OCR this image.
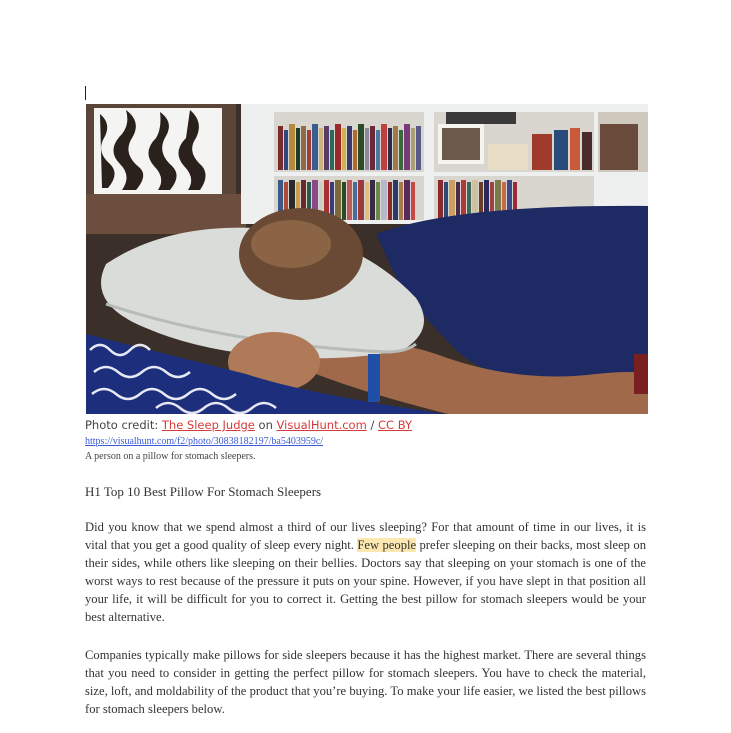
Photo credit: The Sleep Judge on VisualHunt.com / CC BY
https://visualhunt.com/f2/photo/30838182197/ba5403959c/
A person on a pillow for stomach sleepers.
H1 Top 10 Best Pillow For Stomach Sleepers
Did you know that we spend almost a third of our lives sleeping? For that amount of time in our lives, it is vital that you get a good quality of sleep every night. Few people prefer sleeping on their backs, most sleep on their sides, while others like sleeping on their bellies. Doctors say that sleeping on your stomach is one of the worst ways to rest because of the pressure it puts on your spine. However, if you have slept in that position all your life, it will be difficult for you to correct it. Getting the best pillow for stomach sleepers would be your best alternative.
Companies typically make pillows for side sleepers because it has the highest market. There are several things that you need to consider in getting the perfect pillow for stomach sleepers. You have to check the material, size, loft, and moldability of the product that you’re buying. To make your life easier, we listed the best pillows for stomach sleepers below.
